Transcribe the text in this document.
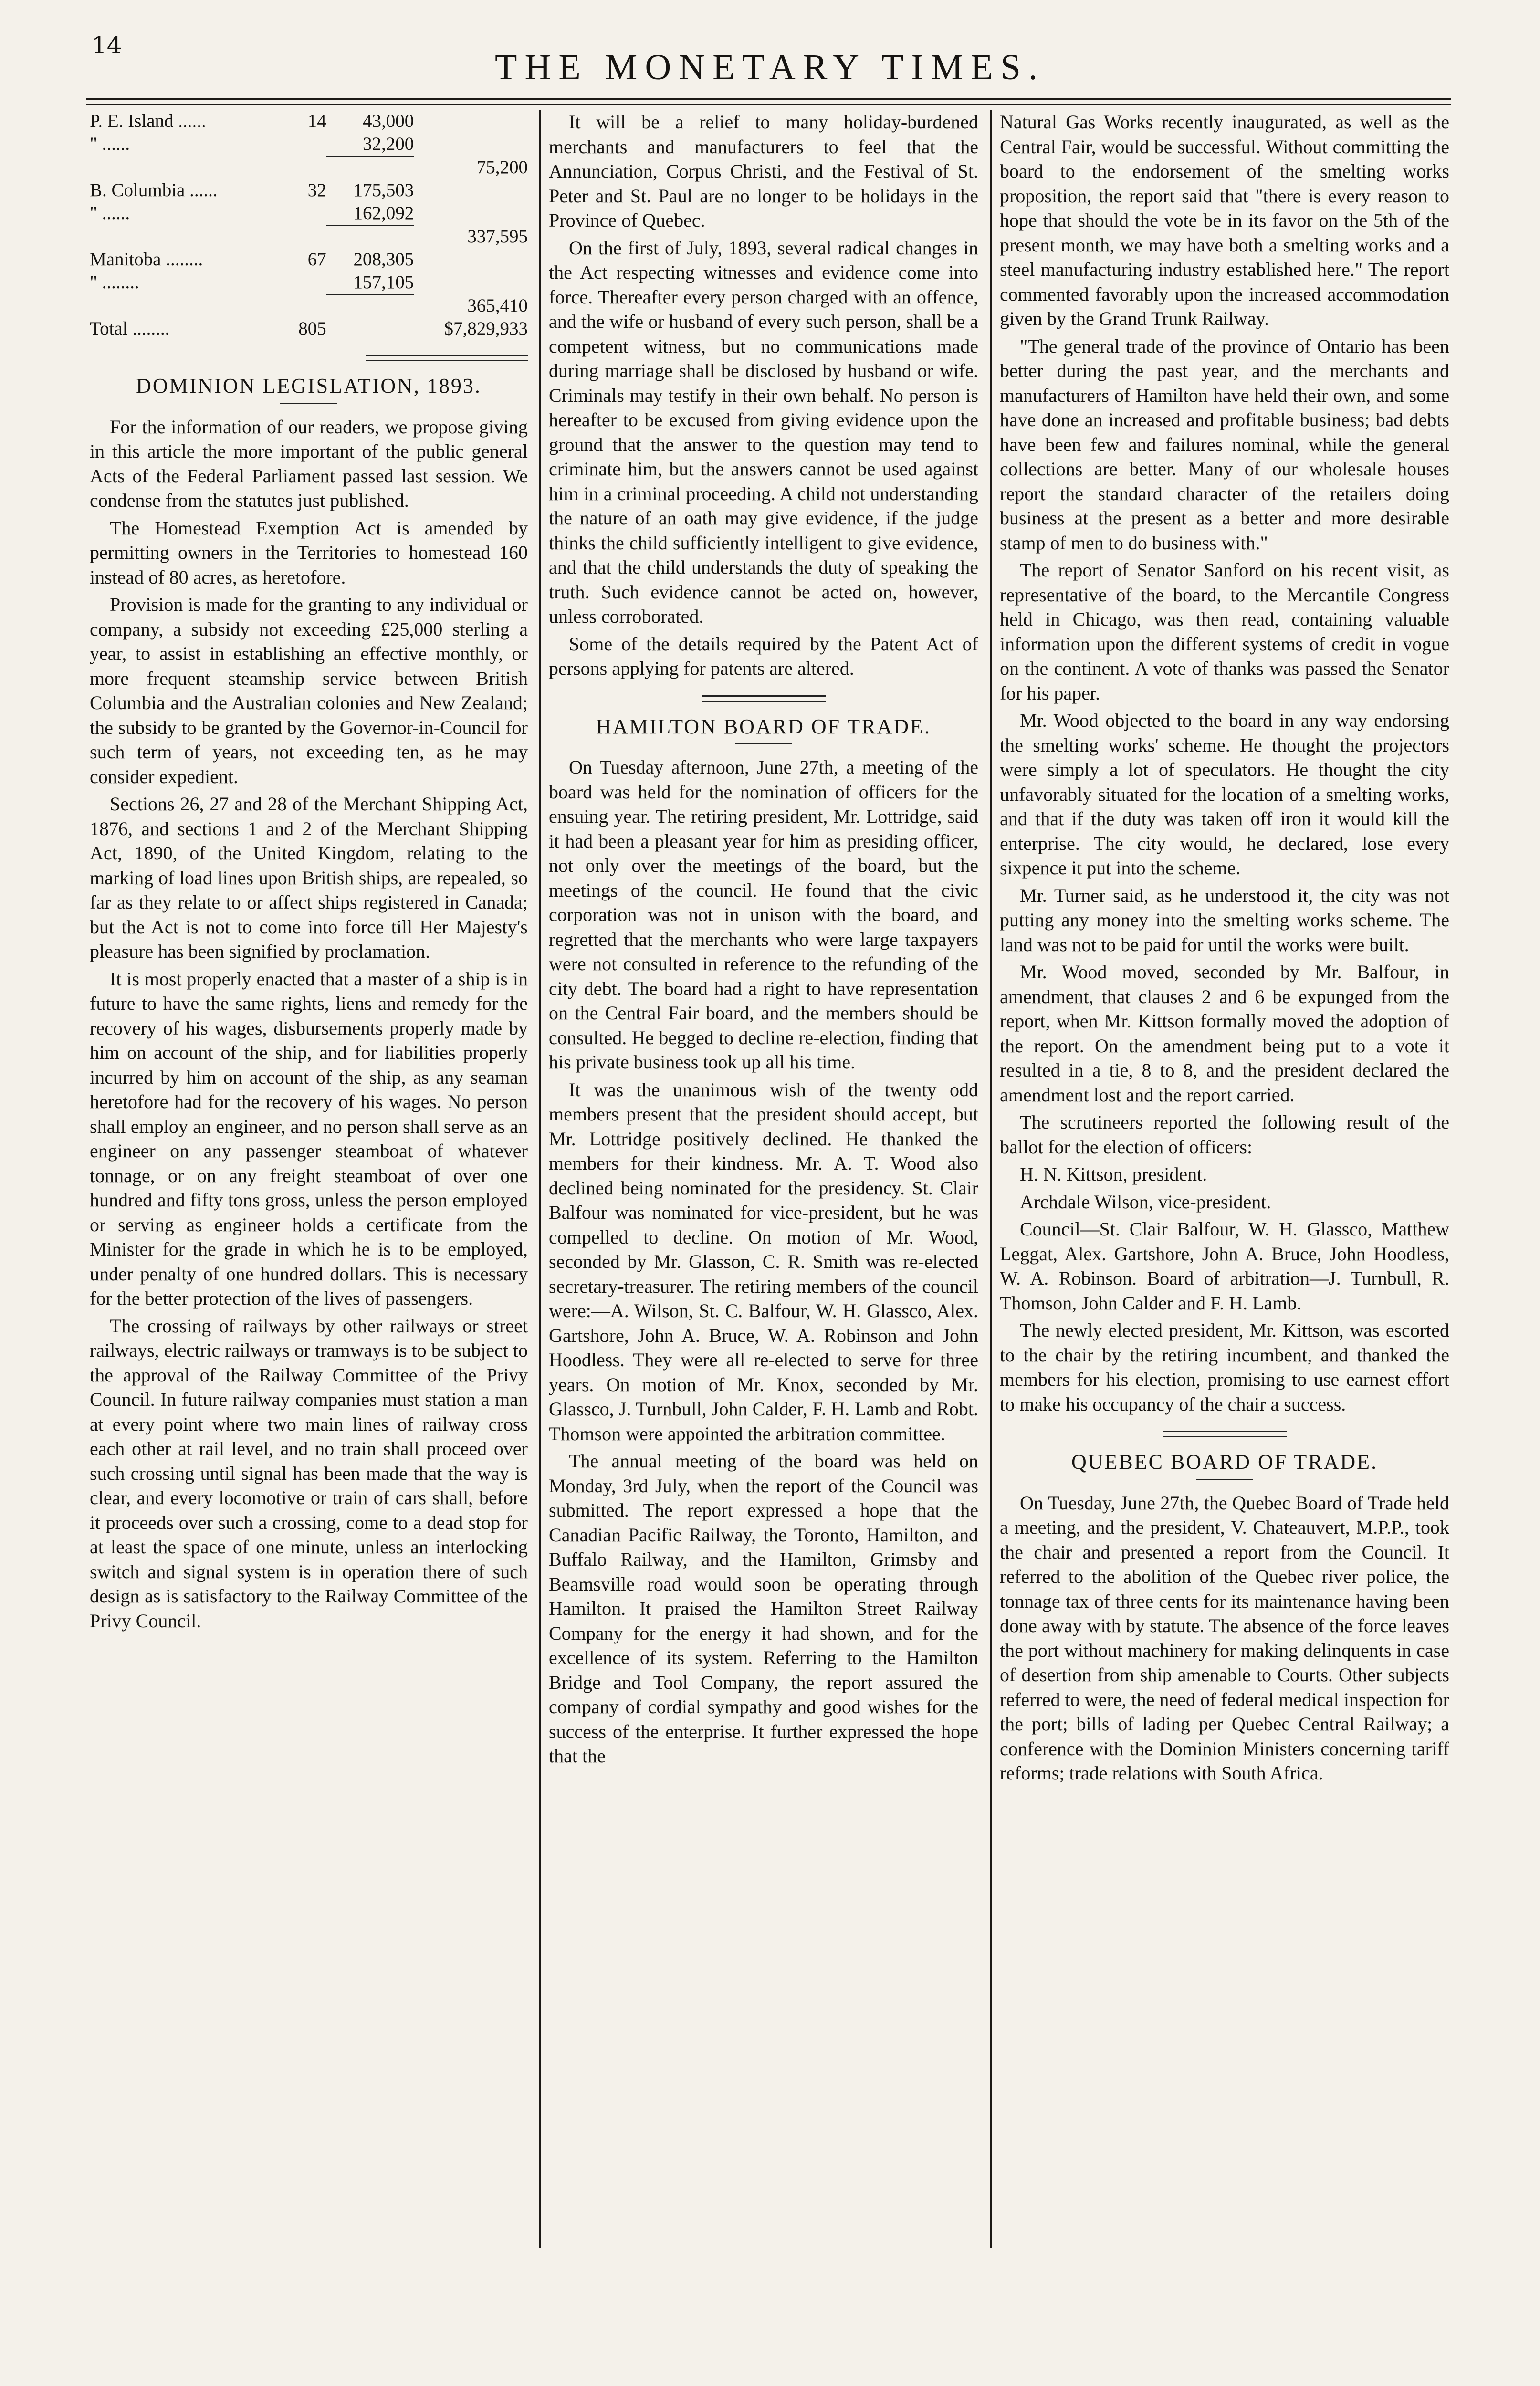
14
THE MONETARY TIMES.
P. E. Island ......	14	43,000	
" ......		32,200	
			75,200
B. Columbia ......	32	175,503	
" ......		162,092	
			337,595
Manitoba ........	67	208,305	
" ........		157,105	
			365,410
Total ........	805		$7,829,933
DOMINION LEGISLATION, 1893.

For the information of our readers, we propose giving in this article the more important of the public general Acts of the Federal Parliament passed last session. We condense from the statutes just published.

The Homestead Exemption Act is amended by permitting owners in the Territories to homestead 160 instead of 80 acres, as heretofore.

Provision is made for the granting to any individual or company, a subsidy not exceeding £25,000 sterling a year, to assist in establishing an effective monthly, or more frequent steamship service between British Columbia and the Australian colonies and New Zealand; the subsidy to be granted by the Governor-in-Council for such term of years, not exceeding ten, as he may consider expedient.

Sections 26, 27 and 28 of the Merchant Shipping Act, 1876, and sections 1 and 2 of the Merchant Shipping Act, 1890, of the United Kingdom, relating to the marking of load lines upon British ships, are repealed, so far as they relate to or affect ships registered in Canada; but the Act is not to come into force till Her Majesty's pleasure has been signified by proclamation.

It is most properly enacted that a master of a ship is in future to have the same rights, liens and remedy for the recovery of his wages, disbursements properly made by him on account of the ship, and for liabilities properly incurred by him on account of the ship, as any seaman heretofore had for the recovery of his wages. No person shall employ an engineer, and no person shall serve as an engineer on any passenger steamboat of whatever tonnage, or on any freight steamboat of over one hundred and fifty tons gross, unless the person employed or serving as engineer holds a certificate from the Minister for the grade in which he is to be employed, under penalty of one hundred dollars. This is necessary for the better protection of the lives of passengers.

The crossing of railways by other railways or street railways, electric railways or tramways is to be subject to the approval of the Railway Committee of the Privy Council. In future railway companies must station a man at every point where two main lines of railway cross each other at rail level, and no train shall proceed over such crossing until signal has been made that the way is clear, and every locomotive or train of cars shall, before it proceeds over such a crossing, come to a dead stop for at least the space of one minute, unless an interlocking switch and signal system is in operation there of such design as is satisfactory to the Railway Committee of the Privy Council.

It will be a relief to many holiday-burdened merchants and manufacturers to feel that the Annunciation, Corpus Christi, and the Festival of St. Peter and St. Paul are no longer to be holidays in the Province of Quebec.

On the first of July, 1893, several radical changes in the Act respecting witnesses and evidence come into force. Thereafter every person charged with an offence, and the wife or husband of every such person, shall be a competent witness, but no communications made during marriage shall be disclosed by husband or wife. Criminals may testify in their own behalf. No person is hereafter to be excused from giving evidence upon the ground that the answer to the question may tend to criminate him, but the answers cannot be used against him in a criminal proceeding. A child not understanding the nature of an oath may give evidence, if the judge thinks the child sufficiently intelligent to give evidence, and that the child understands the duty of speaking the truth. Such evidence cannot be acted on, however, unless corroborated.

Some of the details required by the Patent Act of persons applying for patents are altered.

HAMILTON BOARD OF TRADE.

On Tuesday afternoon, June 27th, a meeting of the board was held for the nomination of officers for the ensuing year. The retiring president, Mr. Lottridge, said it had been a pleasant year for him as presiding officer, not only over the meetings of the board, but the meetings of the council. He found that the civic corporation was not in unison with the board, and regretted that the merchants who were large taxpayers were not consulted in reference to the refunding of the city debt. The board had a right to have representation on the Central Fair board, and the members should be consulted. He begged to decline re-election, finding that his private business took up all his time.

It was the unanimous wish of the twenty odd members present that the president should accept, but Mr. Lottridge positively declined. He thanked the members for their kindness. Mr. A. T. Wood also declined being nominated for the presidency. St. Clair Balfour was nominated for vice-president, but he was compelled to decline. On motion of Mr. Wood, seconded by Mr. Glasson, C. R. Smith was re-elected secretary-treasurer. The retiring members of the council were:—A. Wilson, St. C. Balfour, W. H. Glassco, Alex. Gartshore, John A. Bruce, W. A. Robinson and John Hoodless. They were all re-elected to serve for three years. On motion of Mr. Knox, seconded by Mr. Glassco, J. Turnbull, John Calder, F. H. Lamb and Robt. Thomson were appointed the arbitration committee.

The annual meeting of the board was held on Monday, 3rd July, when the report of the Council was submitted. The report expressed a hope that the Canadian Pacific Railway, the Toronto, Hamilton, and Buffalo Railway, and the Hamilton, Grimsby and Beamsville road would soon be operating through Hamilton. It praised the Hamilton Street Railway Company for the energy it had shown, and for the excellence of its system. Referring to the Hamilton Bridge and Tool Company, the report assured the company of cordial sympathy and good wishes for the success of the enterprise. It further expressed the hope that the

Natural Gas Works recently inaugurated, as well as the Central Fair, would be successful. Without committing the board to the endorsement of the smelting works proposition, the report said that "there is every reason to hope that should the vote be in its favor on the 5th of the present month, we may have both a smelting works and a steel manufacturing industry established here." The report commented favorably upon the increased accommodation given by the Grand Trunk Railway.

"The general trade of the province of Ontario has been better during the past year, and the merchants and manufacturers of Hamilton have held their own, and some have done an increased and profitable business; bad debts have been few and failures nominal, while the general collections are better. Many of our wholesale houses report the standard character of the retailers doing business at the present as a better and more desirable stamp of men to do business with."

The report of Senator Sanford on his recent visit, as representative of the board, to the Mercantile Congress held in Chicago, was then read, containing valuable information upon the different systems of credit in vogue on the continent. A vote of thanks was passed the Senator for his paper.

Mr. Wood objected to the board in any way endorsing the smelting works' scheme. He thought the projectors were simply a lot of speculators. He thought the city unfavorably situated for the location of a smelting works, and that if the duty was taken off iron it would kill the enterprise. The city would, he declared, lose every sixpence it put into the scheme.

Mr. Turner said, as he understood it, the city was not putting any money into the smelting works scheme. The land was not to be paid for until the works were built.

Mr. Wood moved, seconded by Mr. Balfour, in amendment, that clauses 2 and 6 be expunged from the report, when Mr. Kittson formally moved the adoption of the report. On the amendment being put to a vote it resulted in a tie, 8 to 8, and the president declared the amendment lost and the report carried.

The scrutineers reported the following result of the ballot for the election of officers:

H. N. Kittson, president.

Archdale Wilson, vice-president.

Council—St. Clair Balfour, W. H. Glassco, Matthew Leggat, Alex. Gartshore, John A. Bruce, John Hoodless, W. A. Robinson. Board of arbitration—J. Turnbull, R. Thomson, John Calder and F. H. Lamb.

The newly elected president, Mr. Kittson, was escorted to the chair by the retiring incumbent, and thanked the members for his election, promising to use earnest effort to make his occupancy of the chair a success.

QUEBEC BOARD OF TRADE.

On Tuesday, June 27th, the Quebec Board of Trade held a meeting, and the president, V. Chateauvert, M.P.P., took the chair and presented a report from the Council. It referred to the abolition of the Quebec river police, the tonnage tax of three cents for its maintenance having been done away with by statute. The absence of the force leaves the port without machinery for making delinquents in case of desertion from ship amenable to Courts. Other subjects referred to were, the need of federal medical inspection for the port; bills of lading per Quebec Central Railway; a conference with the Dominion Ministers concerning tariff reforms; trade relations with South Africa.
